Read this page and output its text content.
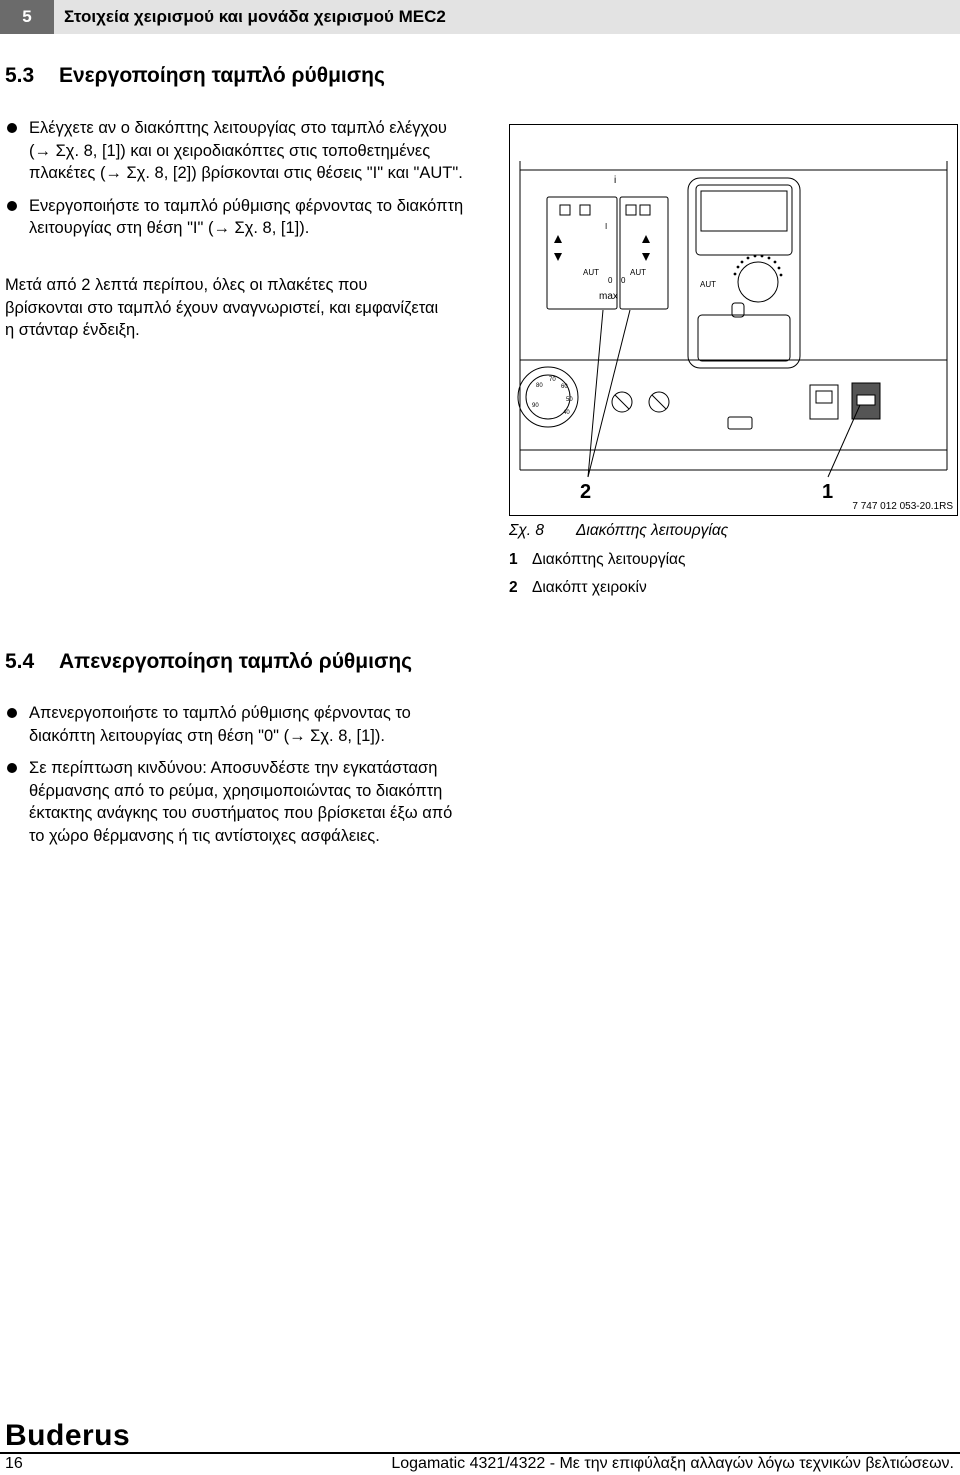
5	Στοιχεία χειρισμού και μονάδα χειρισμού MEC2
5.3 Ενεργοποίηση ταμπλό ρύθμισης
Ελέγχετε αν ο διακόπτης λειτουργίας στο ταμπλό ελέγχου (→ Σχ. 8, [1]) και οι χειροδιακόπτες στις τοποθετημένες πλακέτες (→ Σχ. 8, [2]) βρίσκονται στις θέσεις "I" και "AUT".
Ενεργοποιήστε το ταμπλό ρύθμισης φέρνοντας το διακόπτη λειτουργίας στη θέση "I" (→ Σχ. 8, [1]).

Μετά από 2 λεπτά περίπου, όλες οι πλακέτες που βρίσκονται στο ταμπλό έχουν αναγνωριστεί, και εμφανίζεται η στάνταρ ένδειξη.

AUT	AUT
AUT
max
0 0
I
i
90
80
70
60
50
40
2	1
7 747 012 053-20.1RS
Σχ. 8 Διακόπτης λειτουργίας
1 Διακόπτης λειτουργίας
2 Διακόπτ χειροκίν
5.4 Απενεργοποίηση ταμπλό ρύθμισης
Απενεργοποιήστε το ταμπλό ρύθμισης φέρνοντας το διακόπτη λειτουργίας στη θέση "0" (→ Σχ. 8, [1]).
Σε περίπτωση κινδύνου: Αποσυνδέστε την εγκατάσταση θέρμανσης από το ρεύμα, χρησιμοποιώντας το διακόπτη έκτακτης ανάγκης του συστήματος που βρίσκεται έξω από το χώρο θέρμανσης ή τις αντίστοιχες ασφάλειες.
Buderus
16	Logamatic 4321/4322 - Με την επιφύλαξη αλλαγών λόγω τεχνικών βελτιώσεων.
